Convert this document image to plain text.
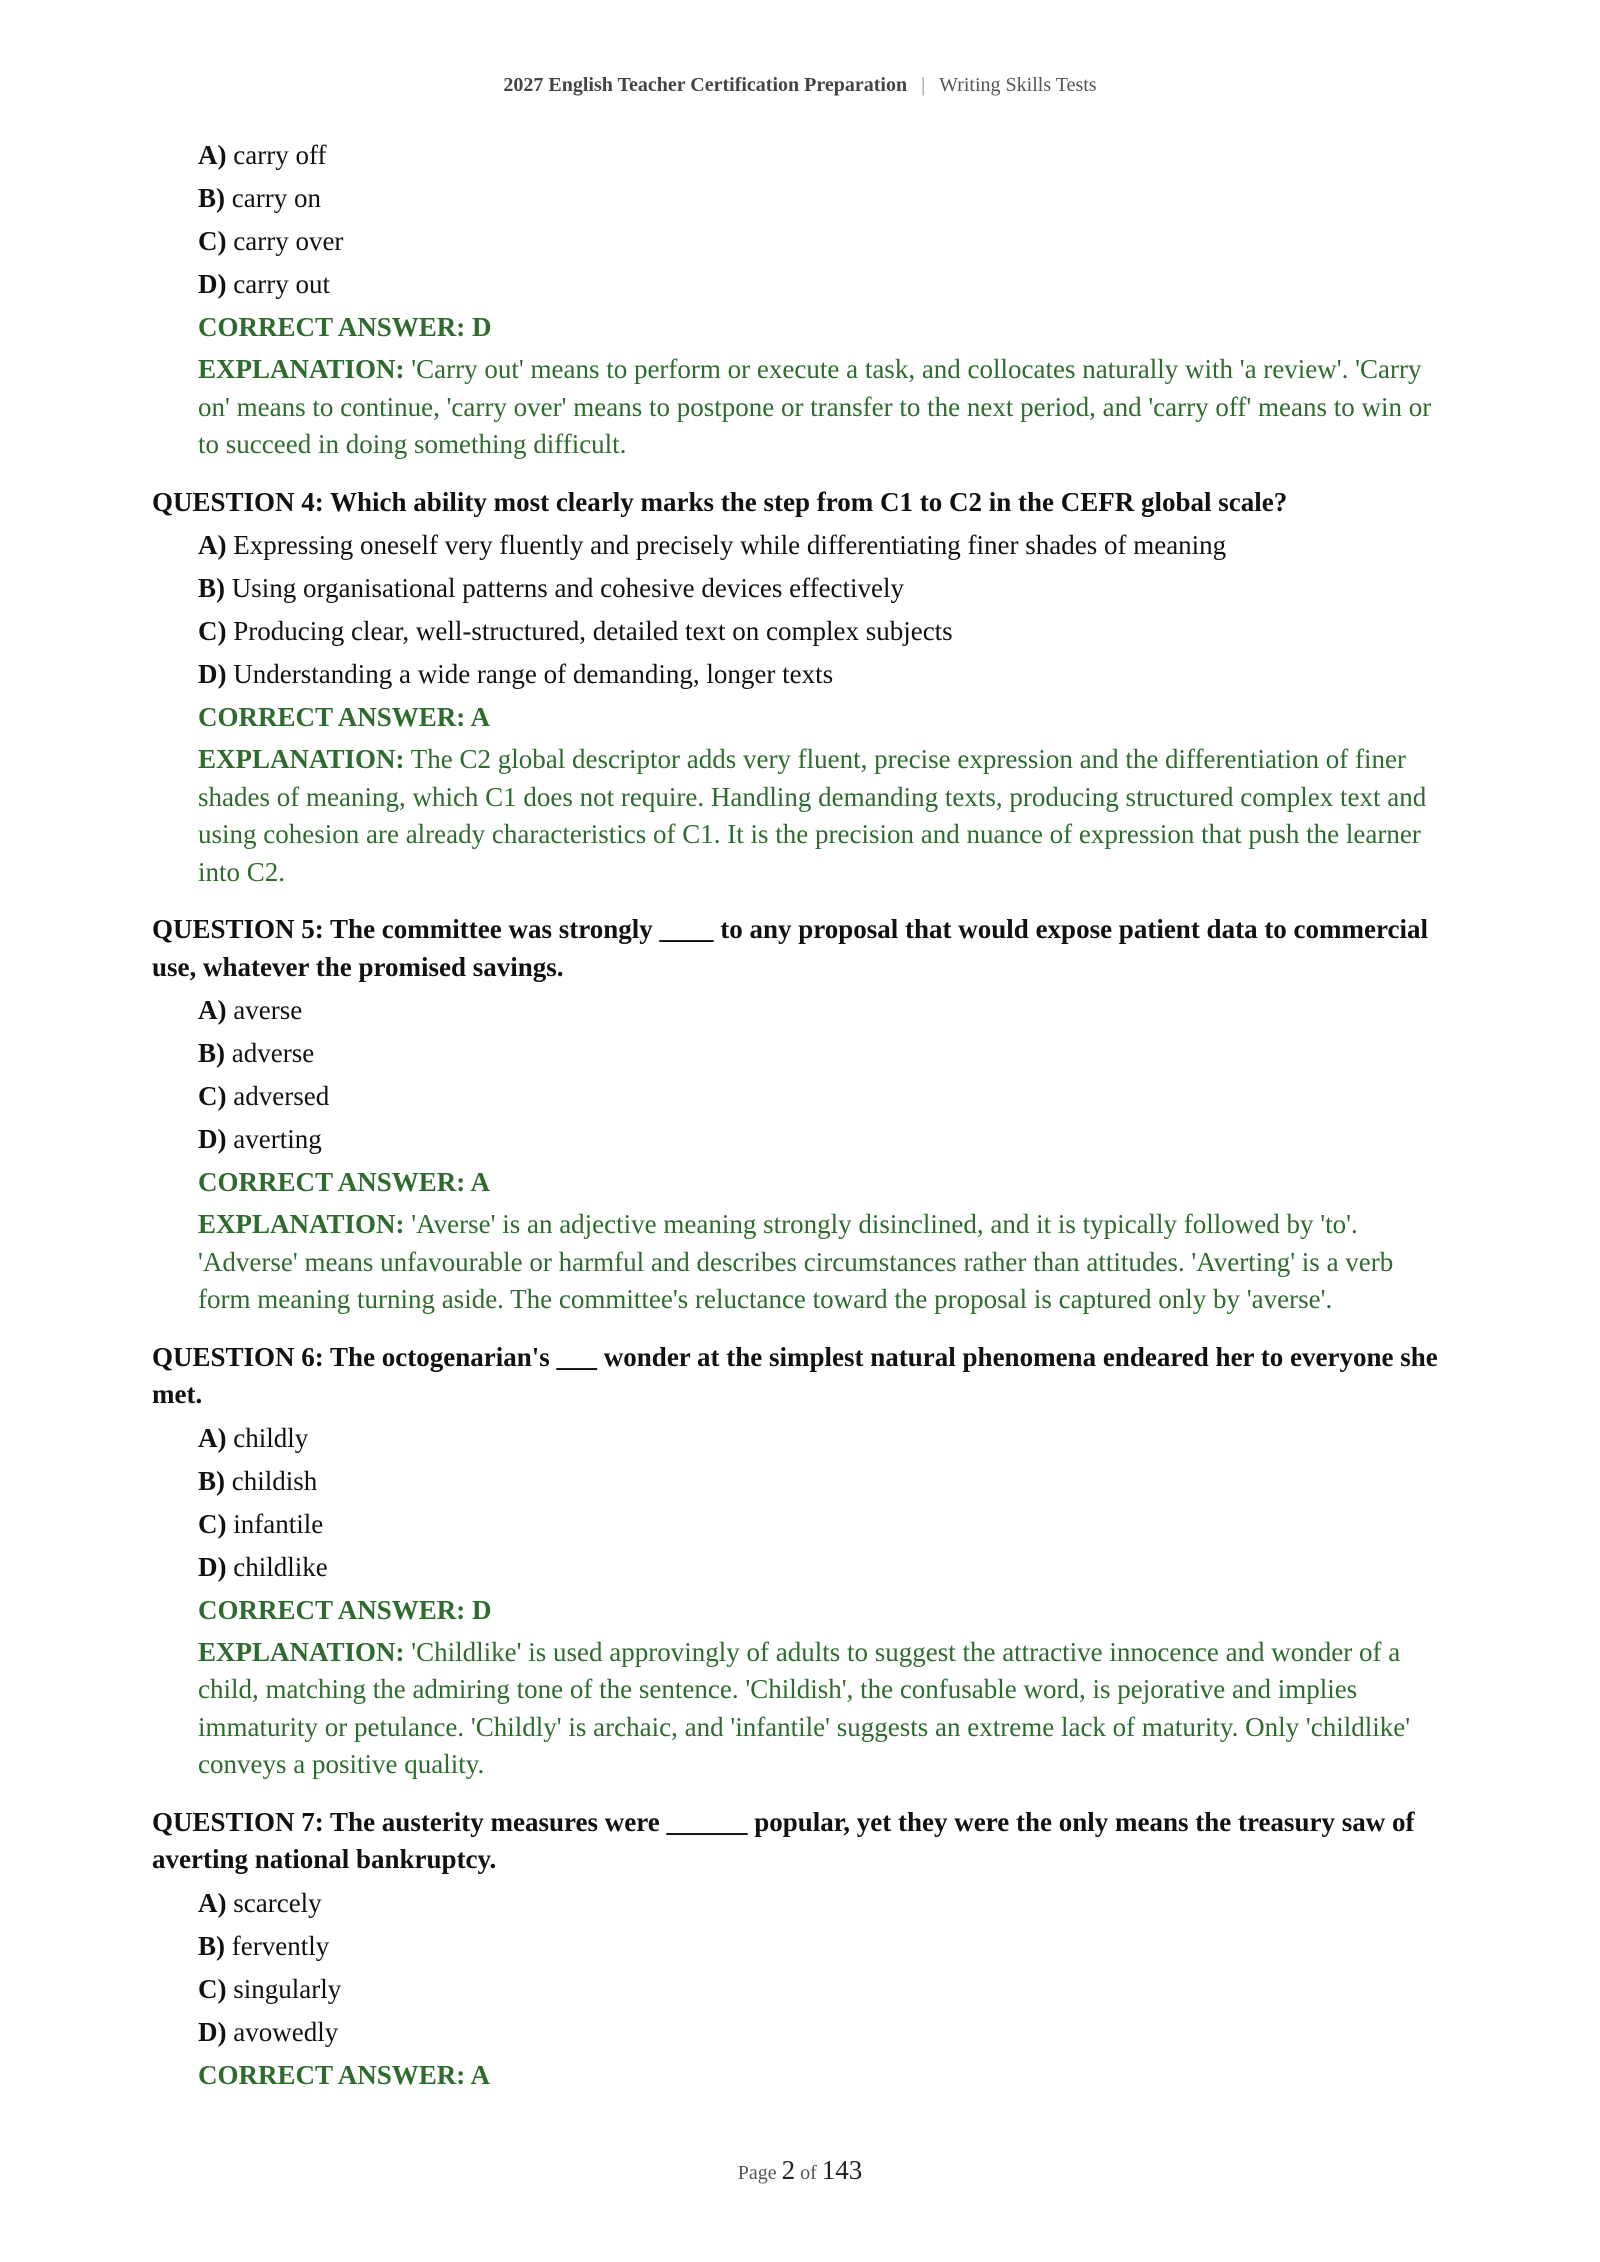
2027 English Teacher Certification Preparation | Writing Skills Tests
A) carry off
B) carry on
C) carry over
D) carry out
CORRECT ANSWER: D
EXPLANATION: 'Carry out' means to perform or execute a task, and collocates naturally with 'a review'. 'Carry on' means to continue, 'carry over' means to postpone or transfer to the next period, and 'carry off' means to win or to succeed in doing something difficult.
QUESTION 4: Which ability most clearly marks the step from C1 to C2 in the CEFR global scale?
A) Expressing oneself very fluently and precisely while differentiating finer shades of meaning
B) Using organisational patterns and cohesive devices effectively
C) Producing clear, well-structured, detailed text on complex subjects
D) Understanding a wide range of demanding, longer texts
CORRECT ANSWER: A
EXPLANATION: The C2 global descriptor adds very fluent, precise expression and the differentiation of finer shades of meaning, which C1 does not require. Handling demanding texts, producing structured complex text and using cohesion are already characteristics of C1. It is the precision and nuance of expression that push the learner into C2.
QUESTION 5: The committee was strongly ____ to any proposal that would expose patient data to commercial use, whatever the promised savings.
A) averse
B) adverse
C) adversed
D) averting
CORRECT ANSWER: A
EXPLANATION: 'Averse' is an adjective meaning strongly disinclined, and it is typically followed by 'to'. 'Adverse' means unfavourable or harmful and describes circumstances rather than attitudes. 'Averting' is a verb form meaning turning aside. The committee's reluctance toward the proposal is captured only by 'averse'.
QUESTION 6: The octogenarian's ___ wonder at the simplest natural phenomena endeared her to everyone she met.
A) childly
B) childish
C) infantile
D) childlike
CORRECT ANSWER: D
EXPLANATION: 'Childlike' is used approvingly of adults to suggest the attractive innocence and wonder of a child, matching the admiring tone of the sentence. 'Childish', the confusable word, is pejorative and implies immaturity or petulance. 'Childly' is archaic, and 'infantile' suggests an extreme lack of maturity. Only 'childlike' conveys a positive quality.
QUESTION 7: The austerity measures were ______ popular, yet they were the only means the treasury saw of averting national bankruptcy.
A) scarcely
B) fervently
C) singularly
D) avowedly
CORRECT ANSWER: A
Page 2 of 143
